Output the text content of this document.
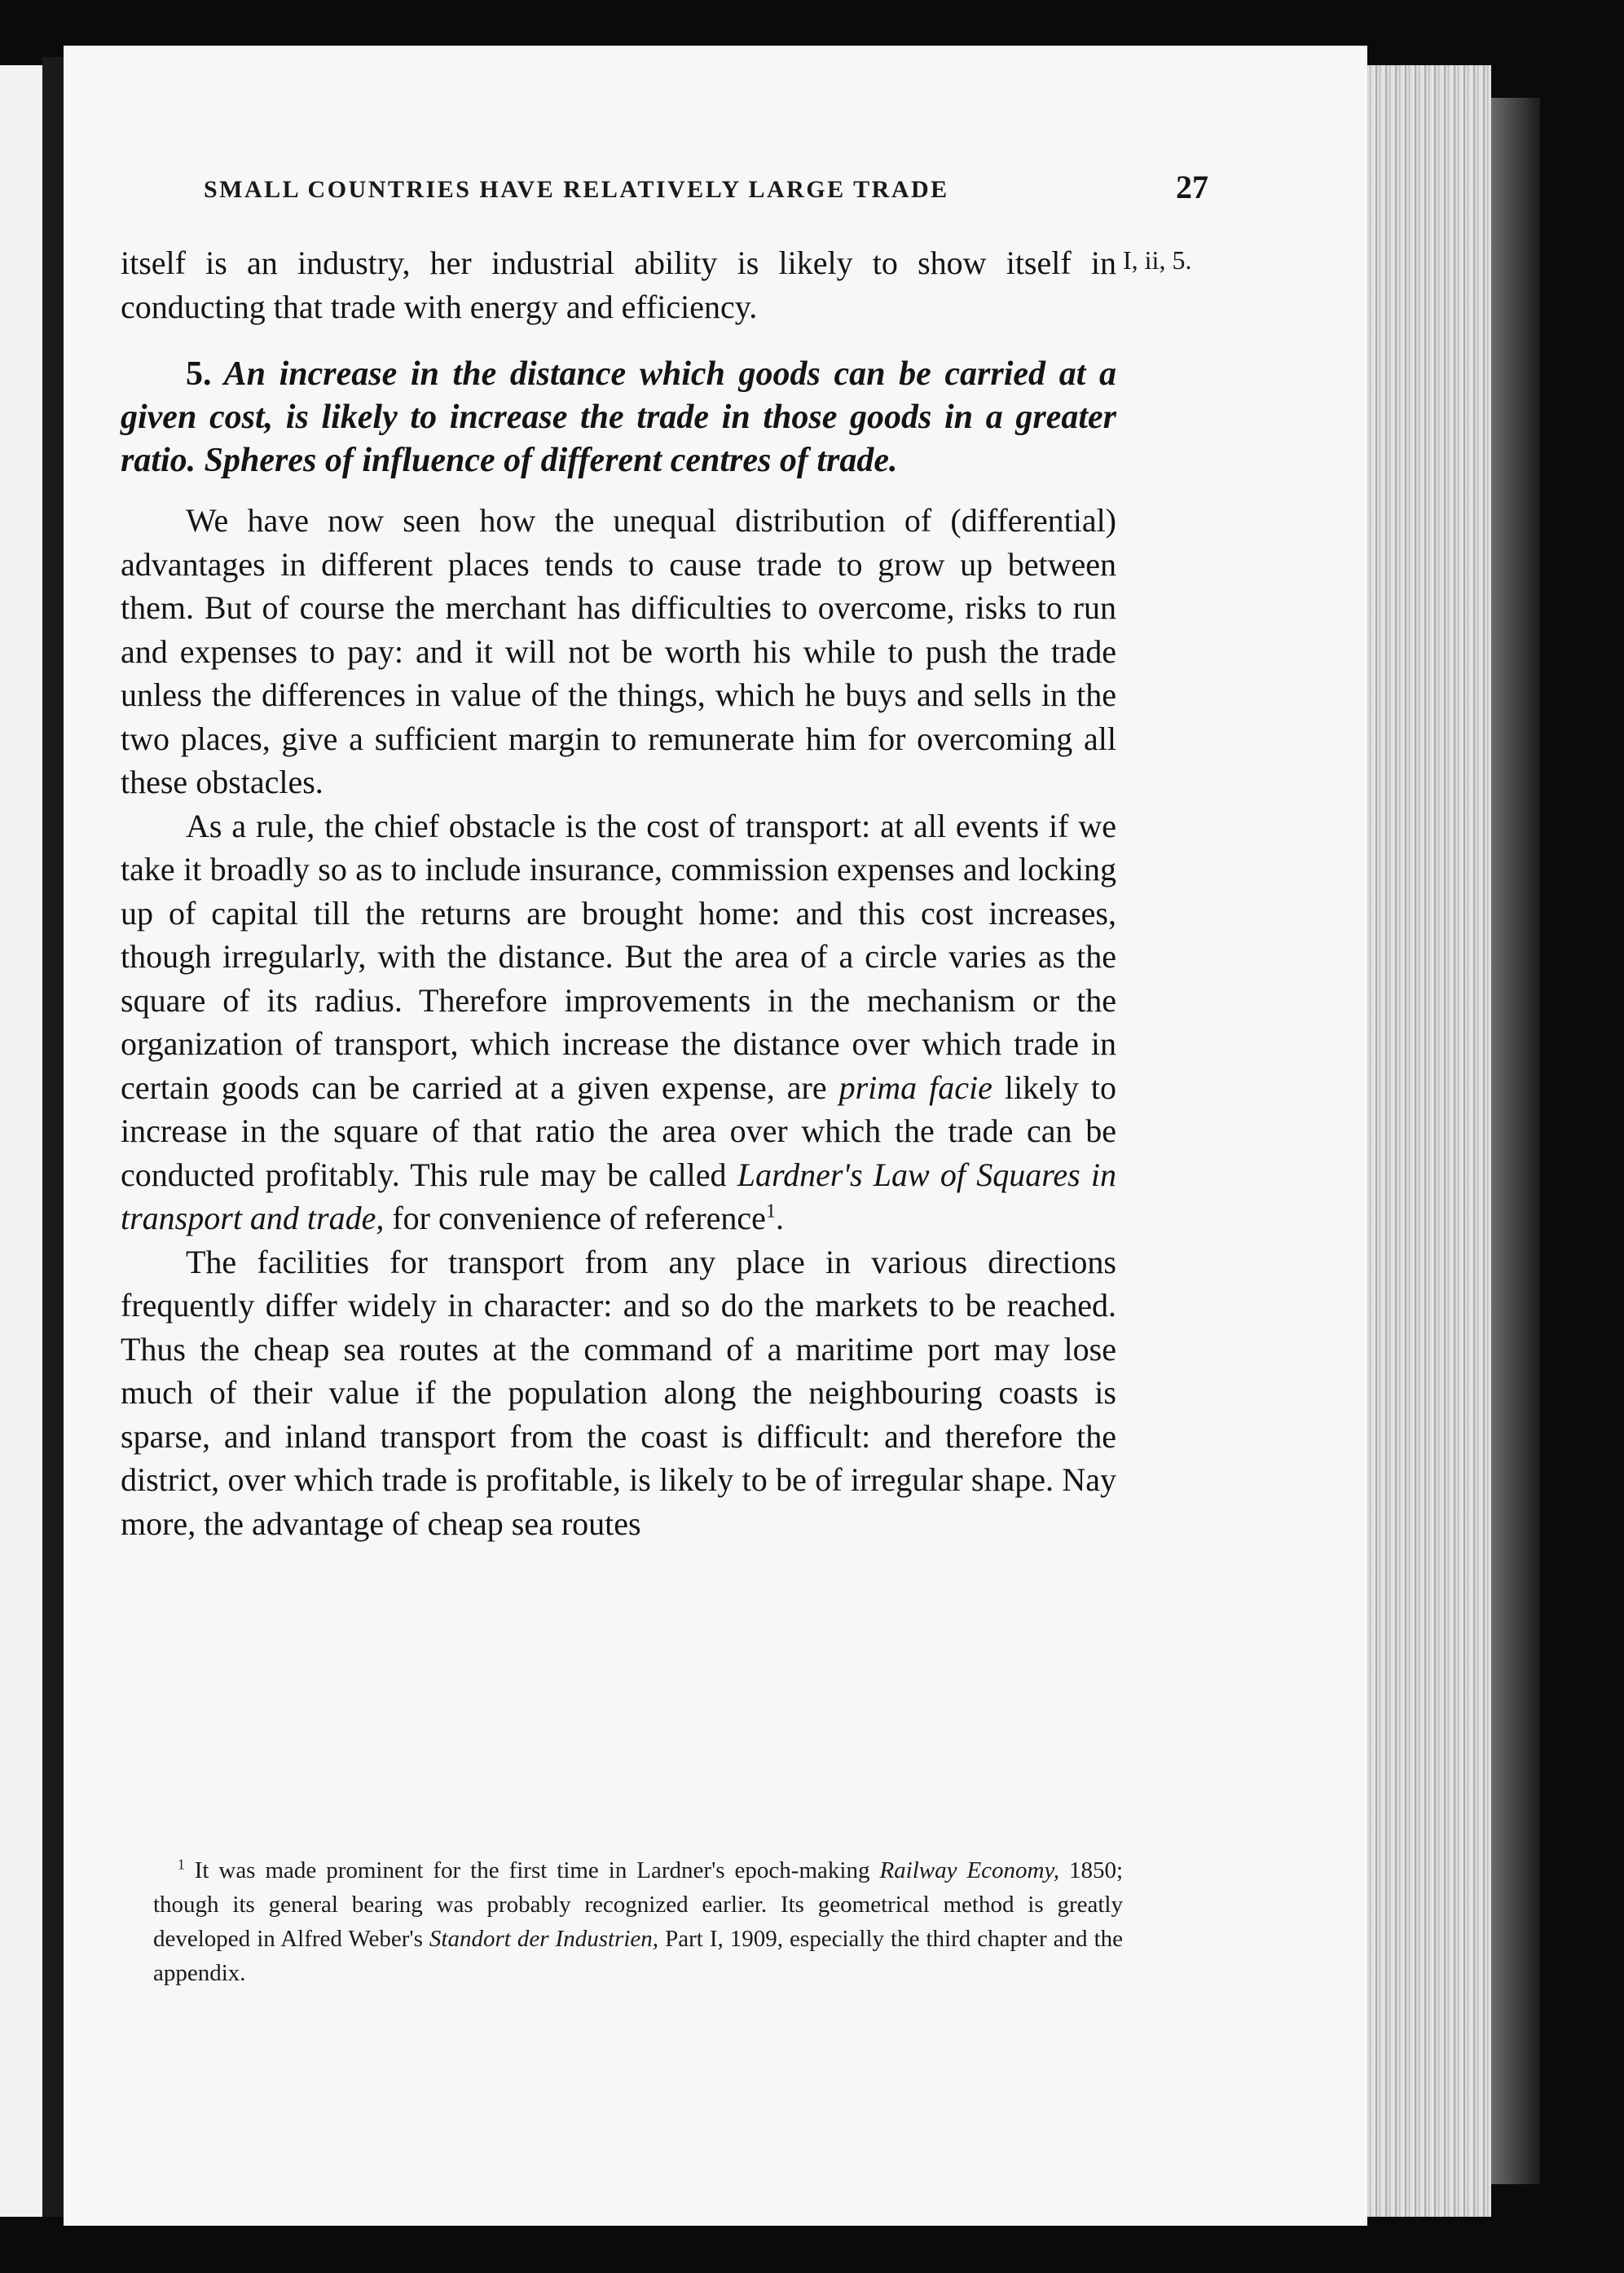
SMALL COUNTRIES HAVE RELATIVELY LARGE TRADE	27
I, ii, 5.

itself is an industry, her industrial ability is likely to show itself in conducting that trade with energy and efficiency.

5. An increase in the distance which goods can be carried at a given cost, is likely to increase the trade in those goods in a greater ratio. Spheres of influence of different centres of trade.

We have now seen how the unequal distribution of (differential) advantages in different places tends to cause trade to grow up between them. But of course the merchant has difficulties to overcome, risks to run and expenses to pay: and it will not be worth his while to push the trade unless the differences in value of the things, which he buys and sells in the two places, give a sufficient margin to remunerate him for overcoming all these obstacles.

As a rule, the chief obstacle is the cost of transport: at all events if we take it broadly so as to include insurance, commission expenses and locking up of capital till the returns are brought home: and this cost increases, though irregularly, with the distance. But the area of a circle varies as the square of its radius. Therefore improvements in the mechanism or the organization of transport, which increase the distance over which trade in certain goods can be carried at a given expense, are prima facie likely to increase in the square of that ratio the area over which the trade can be conducted profitably. This rule may be called Lardner's Law of Squares in transport and trade, for convenience of reference$^1$.

The facilities for transport from any place in various directions frequently differ widely in character: and so do the markets to be reached. Thus the cheap sea routes at the command of a maritime port may lose much of their value if the population along the neighbouring coasts is sparse, and inland transport from the coast is difficult: and therefore the district, over which trade is profitable, is likely to be of irregular shape. Nay more, the advantage of cheap sea routes

$^1$ It was made prominent for the first time in Lardner's epoch-making Railway Economy, 1850; though its general bearing was probably recognized earlier. Its geometrical method is greatly developed in Alfred Weber's Standort der Industrien, Part I, 1909, especially the third chapter and the appendix.
